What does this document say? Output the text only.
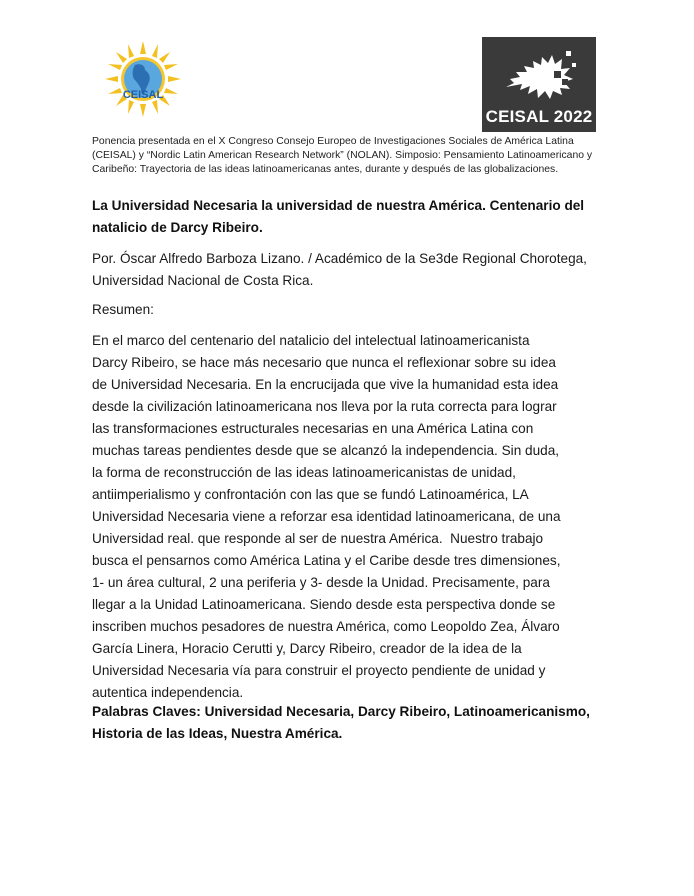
CEISAL
CEISAL 2022

Ponencia presentada en el X Congreso Consejo Europeo de Investigaciones Sociales de América Latina (CEISAL) y “Nordic Latin American Research Network” (NOLAN). Simposio: Pensamiento Latinoamericano y Caribeño: Trayectoria de las ideas latinoamericanas antes, durante y después de las globalizaciones.

La Universidad Necesaria la universidad de nuestra América. Centenario del natalicio de Darcy Ribeiro.

Por. Óscar Alfredo Barboza Lizano. / Académico de la Se3de Regional Chorotega, Universidad Nacional de Costa Rica.

Resumen:

En el marco del centenario del natalicio del intelectual latinoamericanista
Darcy Ribeiro, se hace más necesario que nunca el reflexionar sobre su idea
de Universidad Necesaria. En la encrucijada que vive la humanidad esta idea
desde la civilización latinoamericana nos lleva por la ruta correcta para lograr
las transformaciones estructurales necesarias en una América Latina con
muchas tareas pendientes desde que se alcanzó la independencia. Sin duda,
la forma de reconstrucción de las ideas latinoamericanistas de unidad,
antiimperialismo y confrontación con las que se fundó Latinoamérica, LA
Universidad Necesaria viene a reforzar esa identidad latinoamericana, de una
Universidad real. que responde al ser de nuestra América.  Nuestro trabajo
busca el pensarnos como América Latina y el Caribe desde tres dimensiones,
1- un área cultural, 2 una periferia y 3- desde la Unidad. Precisamente, para
llegar a la Unidad Latinoamericana. Siendo desde esta perspectiva donde se
inscriben muchos pesadores de nuestra América, como Leopoldo Zea, Álvaro
García Linera, Horacio Cerutti y, Darcy Ribeiro, creador de la idea de la
Universidad Necesaria vía para construir el proyecto pendiente de unidad y
autentica independencia.

Palabras Claves: Universidad Necesaria, Darcy Ribeiro, Latinoamericanismo,
Historia de las Ideas, Nuestra América.
